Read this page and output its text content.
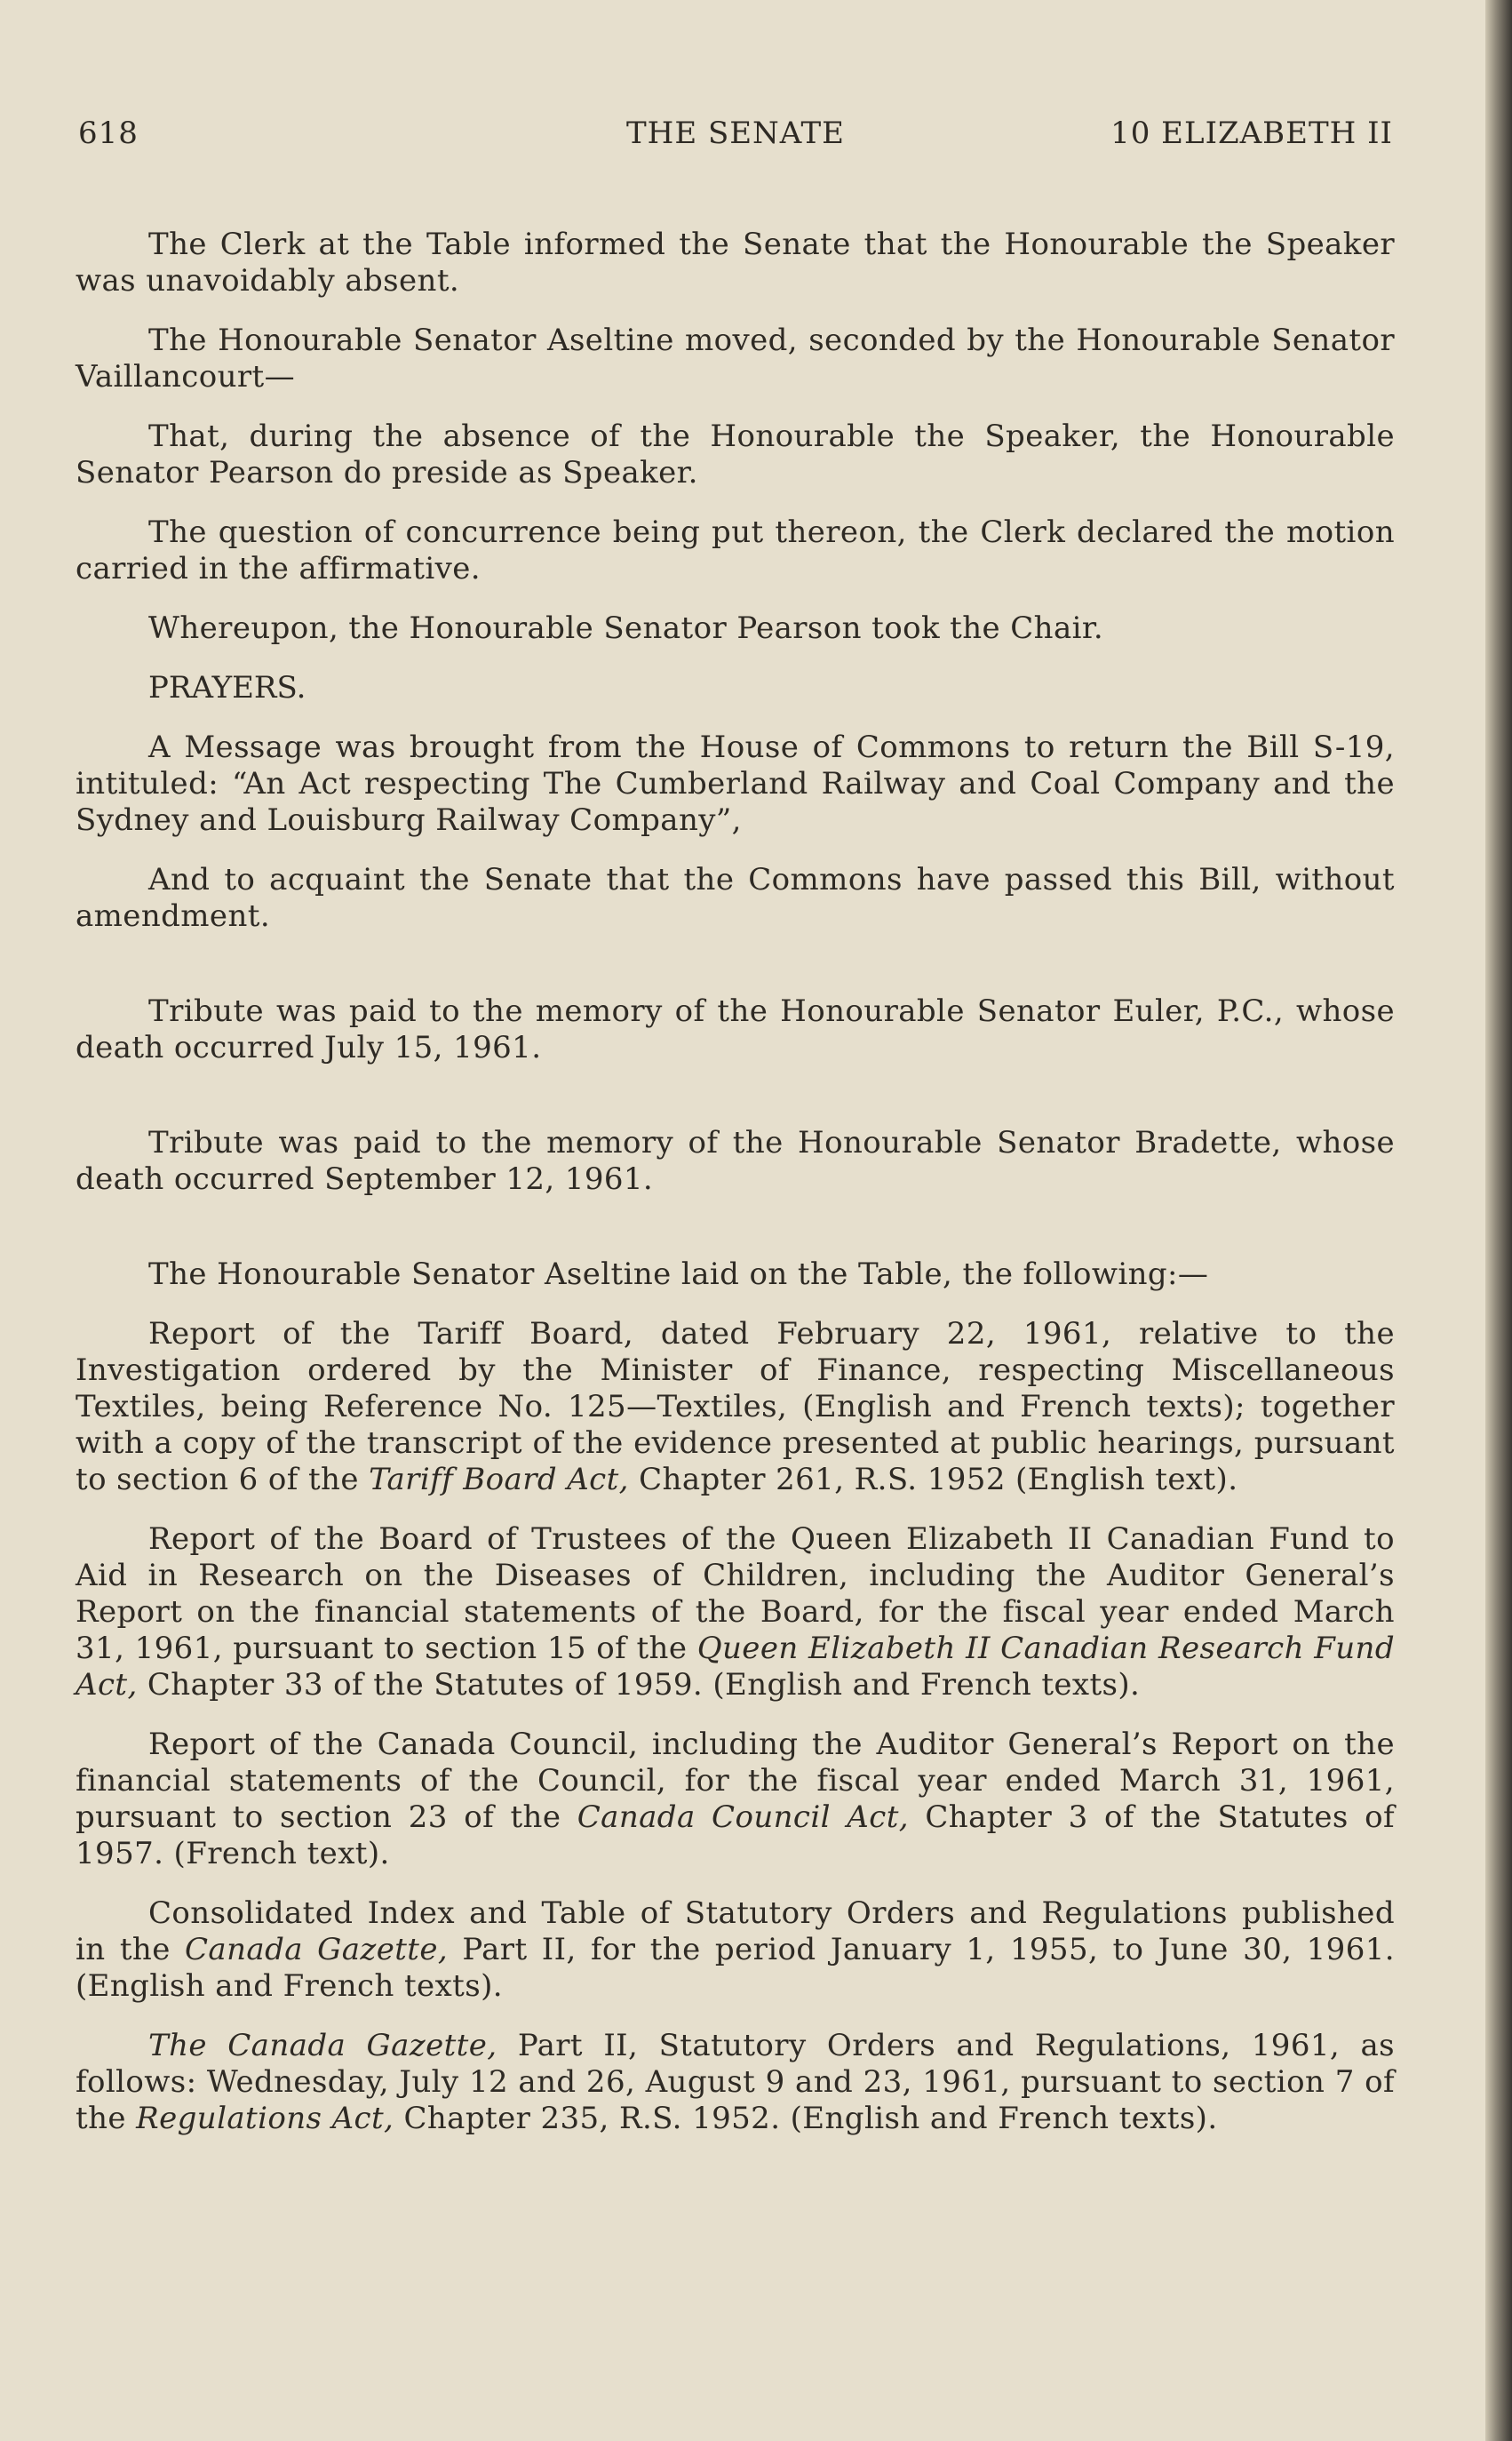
618	THE SENATE	10 ELIZABETH II

The Clerk at the Table informed the Senate that the Honourable the Speaker was unavoidably absent.

The Honourable Senator Aseltine moved, seconded by the Honourable Senator Vaillancourt—

That, during the absence of the Honourable the Speaker, the Honourable Senator Pearson do preside as Speaker.

The question of concurrence being put thereon, the Clerk declared the motion carried in the affirmative.

Whereupon, the Honourable Senator Pearson took the Chair.

PRAYERS.

A Message was brought from the House of Commons to return the Bill S-19, intituled: “An Act respecting The Cumberland Railway and Coal Company and the Sydney and Louisburg Railway Company”,

And to acquaint the Senate that the Commons have passed this Bill, without amendment.

Tribute was paid to the memory of the Honourable Senator Euler, P.C., whose death occurred July 15, 1961.

Tribute was paid to the memory of the Honourable Senator Bradette, whose death occurred September 12, 1961.

The Honourable Senator Aseltine laid on the Table, the following:—

Report of the Tariff Board, dated February 22, 1961, relative to the Investigation ordered by the Minister of Finance, respecting Miscellaneous Textiles, being Reference No. 125—Textiles, (English and French texts); together with a copy of the transcript of the evidence presented at public hearings, pursuant to section 6 of the Tariff Board Act, Chapter 261, R.S. 1952 (English text).

Report of the Board of Trustees of the Queen Elizabeth II Canadian Fund to Aid in Research on the Diseases of Children, including the Auditor General’s Report on the financial statements of the Board, for the fiscal year ended March 31, 1961, pursuant to section 15 of the Queen Elizabeth II Canadian Research Fund Act, Chapter 33 of the Statutes of 1959. (English and French texts).

Report of the Canada Council, including the Auditor General’s Report on the financial statements of the Council, for the fiscal year ended March 31, 1961, pursuant to section 23 of the Canada Council Act, Chapter 3 of the Statutes of 1957. (French text).

Consolidated Index and Table of Statutory Orders and Regulations published in the Canada Gazette, Part II, for the period January 1, 1955, to June 30, 1961. (English and French texts).

The Canada Gazette, Part II, Statutory Orders and Regulations, 1961, as follows: Wednesday, July 12 and 26, August 9 and 23, 1961, pursuant to section 7 of the Regulations Act, Chapter 235, R.S. 1952. (English and French texts).
